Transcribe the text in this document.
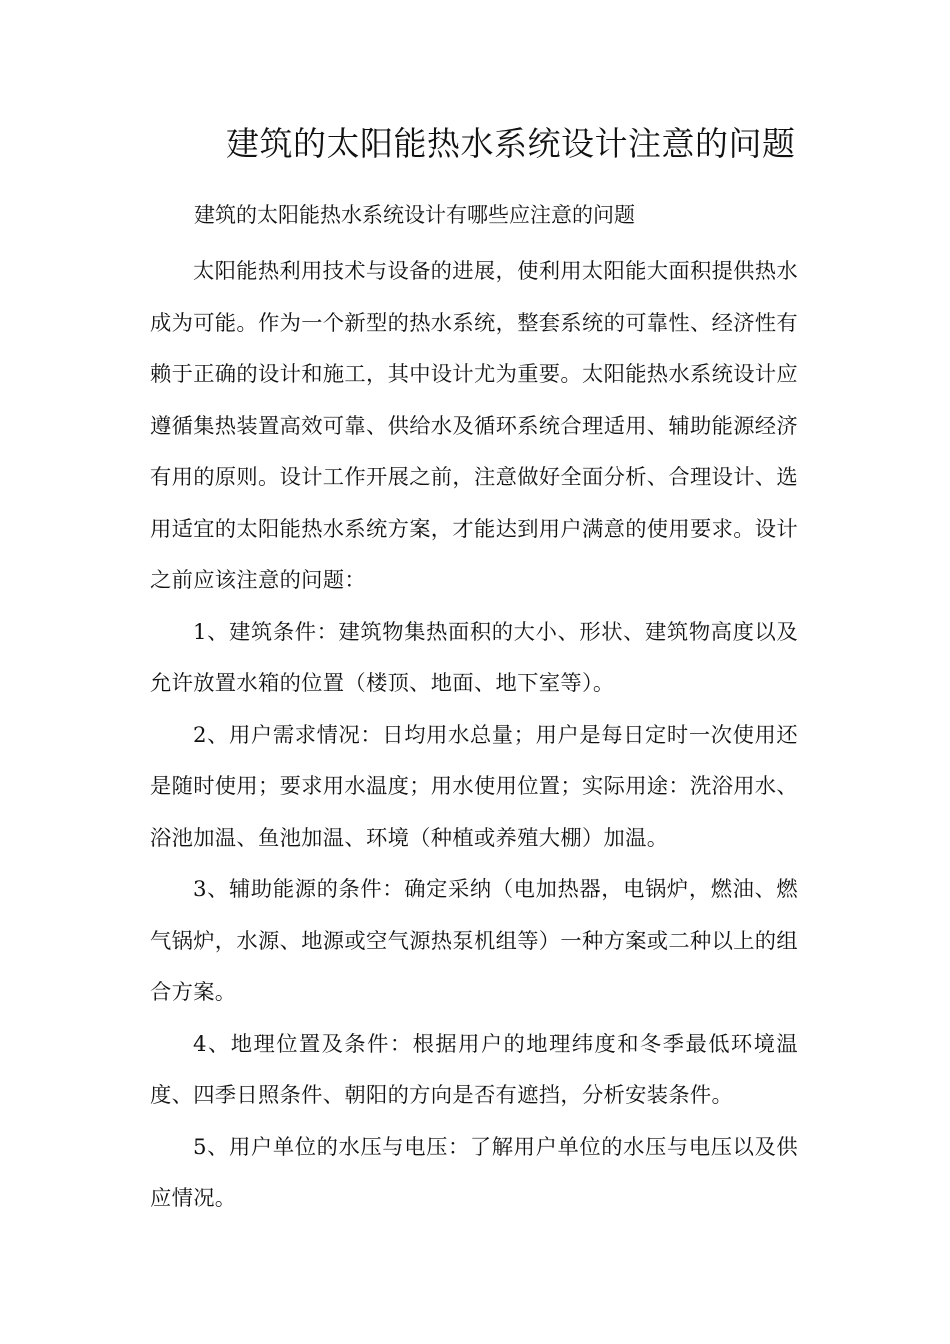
建筑的太阳能热水系统设计注意的问题

建筑的太阳能热水系统设计有哪些应注意的问题

太阳能热利用技术与设备的进展，使利用太阳能大面积提供热水成为可能。作为一个新型的热水系统，整套系统的可靠性、经济性有赖于正确的设计和施工，其中设计尤为重要。太阳能热水系统设计应遵循集热装置高效可靠、供给水及循环系统合理适用、辅助能源经济有用的原则。设计工作开展之前，注意做好全面分析、合理设计、选用适宜的太阳能热水系统方案，才能达到用户满意的使用要求。设计之前应该注意的问题：

1、建筑条件：建筑物集热面积的大小、形状、建筑物高度以及允许放置水箱的位置（楼顶、地面、地下室等）。

2、用户需求情况：日均用水总量；用户是每日定时一次使用还是随时使用；要求用水温度；用水使用位置；实际用途：洗浴用水、浴池加温、鱼池加温、环境（种植或养殖大棚）加温。

3、辅助能源的条件：确定采纳（电加热器，电锅炉，燃油、燃气锅炉，水源、地源或空气源热泵机组等）一种方案或二种以上的组合方案。

4、地理位置及条件：根据用户的地理纬度和冬季最低环境温度、四季日照条件、朝阳的方向是否有遮挡，分析安装条件。

5、用户单位的水压与电压：了解用户单位的水压与电压以及供应情况。
